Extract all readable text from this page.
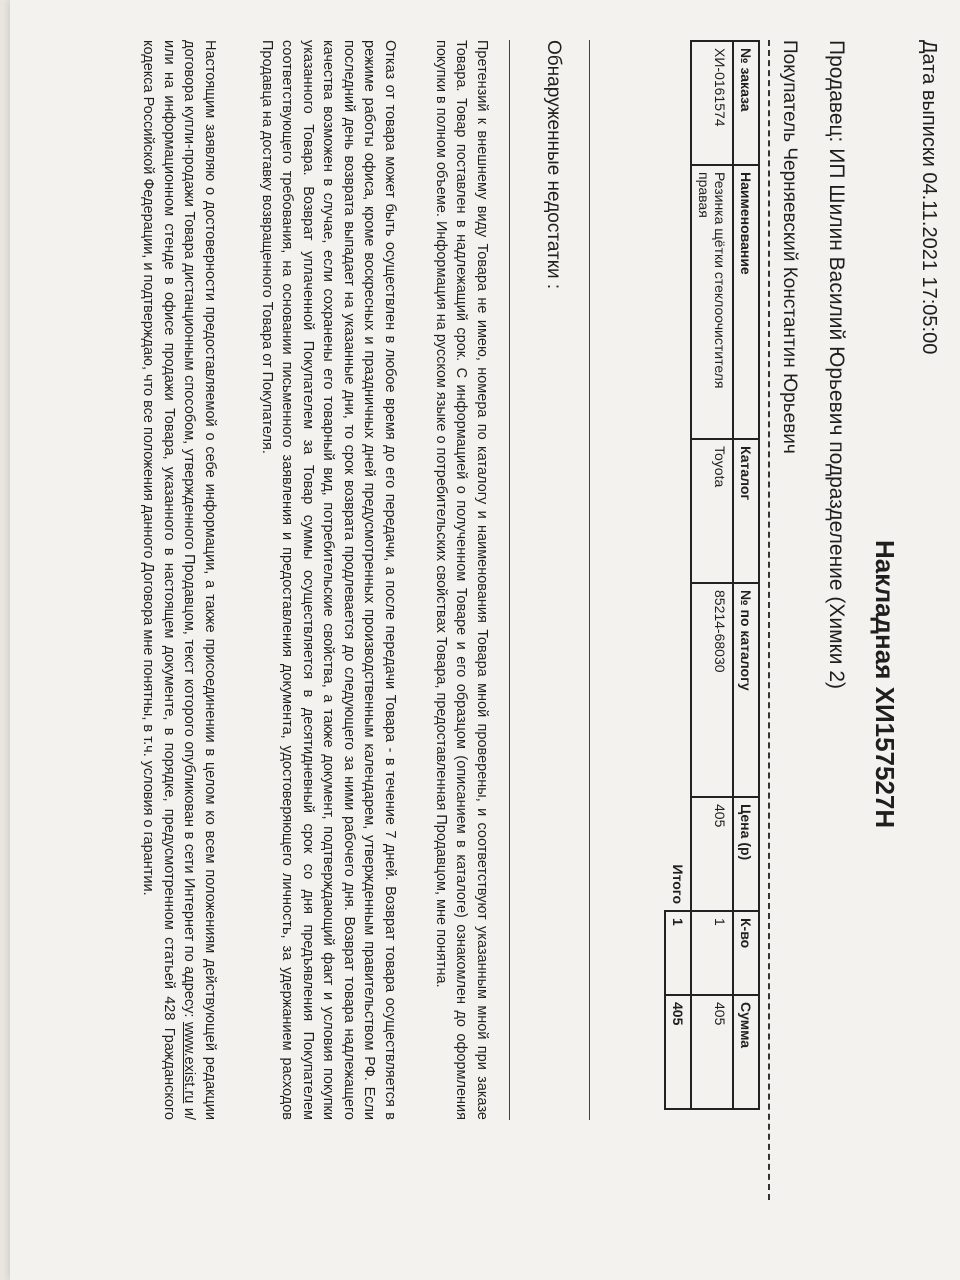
Дата выписки 04.11.2021 17:05:00
Накладная ХИ157527Н
Продавец: ИП Шилин Василий Юрьевич подразделение (Химки 2)
Покупатель Черняевский Константин Юрьевич
№ заказа	Наименование	Каталог	№ по каталогу	Цена (р)	К-во	Сумма
ХИ-0161574	Резинка щётки стеклоочистителя правая	Toyota	85214-68030	405	1	405
Итого					1	405
Обнаруженные недостатки :
Претензий к внешнему виду Товара не имею, номера по каталогу и наименования Товара мной проверены, и соответствуют указанным мной при заказе Товара. Товар поставлен в надлежащий срок. С информацией о полученном Товаре и его образцом (описанием в каталоге) ознакомлен до оформления покупки в полном объеме. Информация на русском языке о потребительских свойствах Товара, предоставленная Продавцом, мне понятна.
Отказ от товара может быть осуществлен в любое время до его передачи, а после передачи Товара - в течение 7 дней. Возврат товара осуществляется в режиме работы офиса, кроме воскресных и праздничных дней предусмотренных производственным календарем, утвержденным правительством РФ. Если последний день возврата выпадает на указанные дни, то срок возврата продлевается до следующего за ними рабочего дня. Возврат товара надлежащего качества возможен в случае, если сохранены его товарный вид, потребительские свойства, а также документ, подтверждающий факт и условия покупки указанного Товара. Возврат уплаченной Покупателем за Товар суммы осуществляется в десятидневный срок со дня предъявления Покупателем соответствующего требования, на основании письменного заявления и предоставления документа, удостоверяющего личность, за удержанием расходов Продавца на доставку возвращенного Товара от Покупателя.
Настоящим заявляю о достоверности предоставляемой о себе информации, а также присоединении в целом ко всем положениям действующей редакции договора купли-продажи Товара дистанционным способом, утвержденного Продавцом, текст которого опубликован в сети Интернет по адресу: www.exist.ru и/или на информационном стенде в офисе продажи Товара, указанного в настоящем документе, в порядке, предусмотренном статьей 428 Гражданского кодекса Российской Федерации, и подтверждаю, что все положения данного Договора мне понятны, в т.ч. условия о гарантии.
